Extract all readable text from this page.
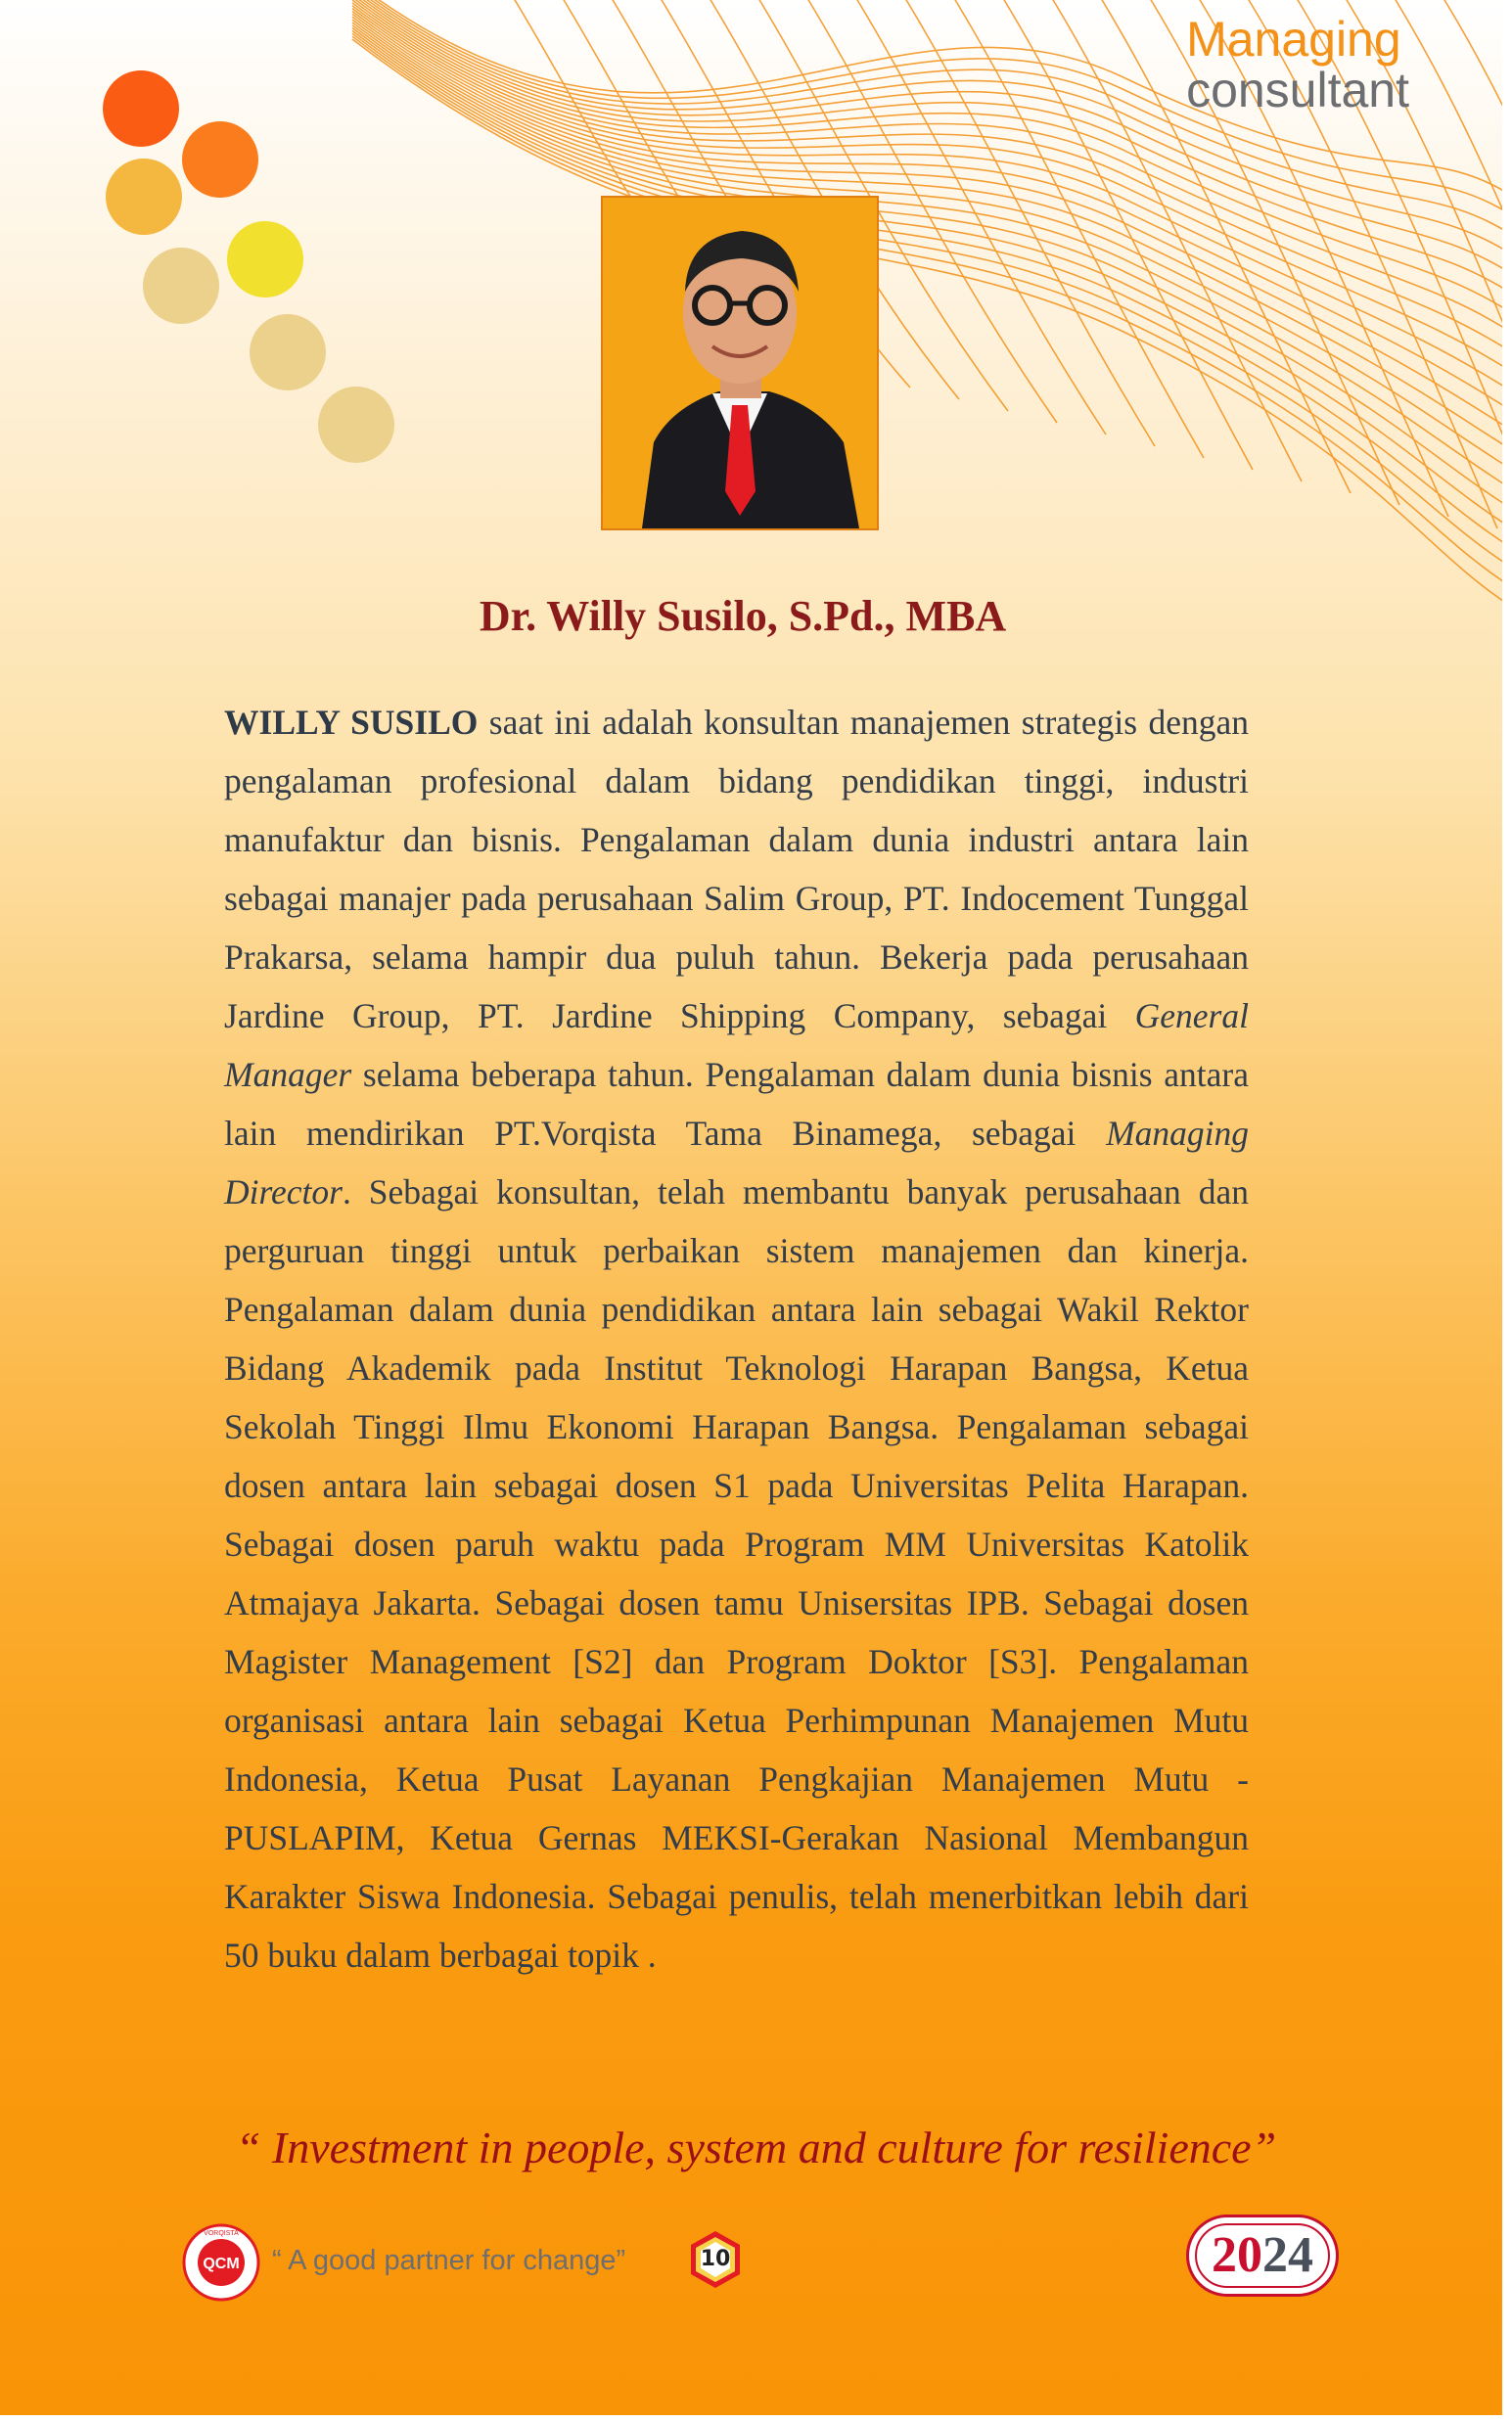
Managing
consultant
Dr. Willy Susilo, S.Pd., MBA

WILLY SUSILO saat ini adalah konsultan manajemen strategis dengan pengalaman profesional dalam bidang pendidikan tinggi, industri manufaktur dan bisnis. Pengalaman dalam dunia industri antara lain sebagai manajer pada perusahaan Salim Group, PT. Indocement Tunggal Prakarsa, selama hampir dua puluh tahun. Bekerja pada perusahaan Jardine Group, PT. Jardine Shipping Company, sebagai General Manager selama beberapa tahun. Pengalaman dalam dunia bisnis antara lain mendirikan PT.Vorqista Tama Binamega, sebagai Managing Director. Sebagai konsultan, telah membantu banyak perusahaan dan perguruan tinggi untuk perbaikan sistem manajemen dan kinerja. Pengalaman dalam dunia pendidikan antara lain sebagai Wakil Rektor Bidang Akademik pada Institut Teknologi Harapan Bangsa, Ketua Sekolah Tinggi Ilmu Ekonomi Harapan Bangsa. Pengalaman sebagai dosen antara lain sebagai dosen S1 pada Universitas Pelita Harapan. Sebagai dosen paruh waktu pada Program MM Universitas Katolik Atmajaya Jakarta. Sebagai dosen tamu Unisersitas IPB. Sebagai dosen Magister Management [S2] dan Program Doktor [S3]. Pengalaman organisasi antara lain sebagai Ketua Perhimpunan Manajemen Mutu Indonesia, Ketua Pusat Layanan Pengkajian Manajemen Mutu - PUSLAPIM, Ketua Gernas MEKSI-Gerakan Nasional Membangun Karakter Siswa Indonesia. Sebagai penulis, telah menerbitkan lebih dari 50 buku dalam berbagai topik .

“ Investment in people, system and culture for resilience”
QCM
VORQISTA
“ A good partner for change”	10	2024
